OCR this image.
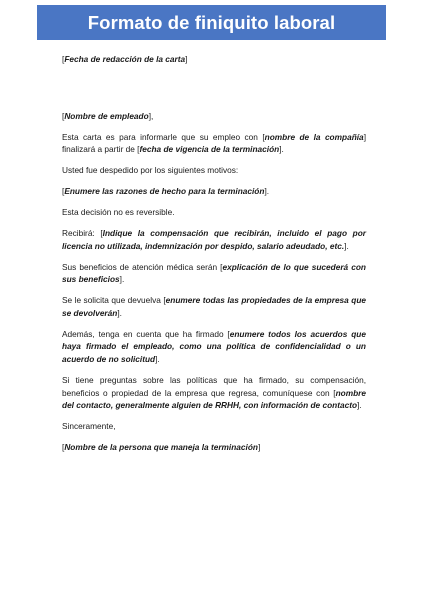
Formato de finiquito laboral

[Fecha de redacción de la carta]

[Nombre de empleado],

Esta carta es para informarle que su empleo con [nombre de la compañía] finalizará a partir de [fecha de vigencia de la terminación].

Usted fue despedido por los siguientes motivos:

[Enumere las razones de hecho para la terminación].

Esta decisión no es reversible.

Recibirá: [Indique la compensación que recibirán, incluido el pago por licencia no utilizada, indemnización por despido, salario adeudado, etc.].

Sus beneficios de atención médica serán [explicación de lo que sucederá con sus beneficios].

Se le solicita que devuelva [enumere todas las propiedades de la empresa que se devolverán].

Además, tenga en cuenta que ha firmado [enumere todos los acuerdos que haya firmado el empleado, como una política de confidencialidad o un acuerdo de no solicitud].

Si tiene preguntas sobre las políticas que ha firmado, su compensación, beneficios o propiedad de la empresa que regresa, comuníquese con [nombre del contacto, generalmente alguien de RRHH, con información de contacto].

Sinceramente,

[Nombre de la persona que maneja la terminación]
